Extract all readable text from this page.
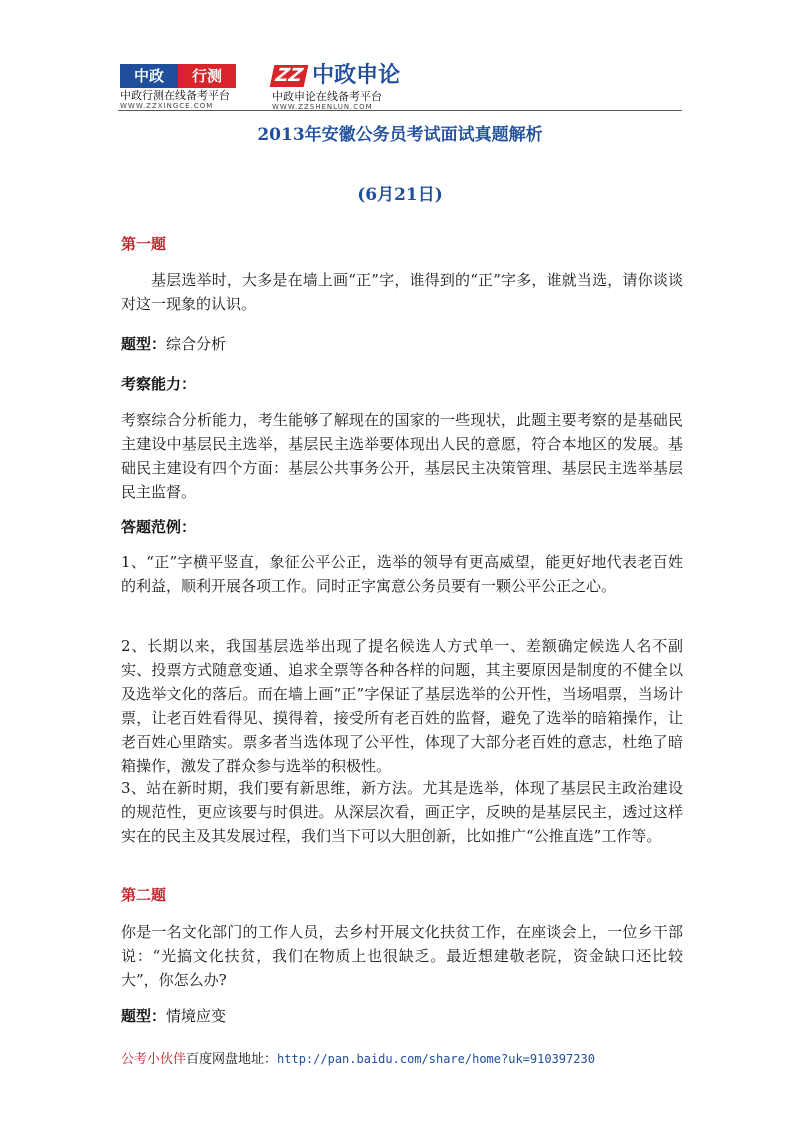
中政	行测
中政行测在线备考平台
WWW.ZZXINGCE.COM
ZZ 中政申论
中政申论在线备考平台
WWW.ZZSHENLUN.COM
2013年安徽公务员考试面试真题解析
(6月21日)
第一题
基层选举时，大多是在墙上画“正”字，谁得到的“正”字多，谁就当选，请你谈谈对这一现象的认识。
题型：综合分析
考察能力：
考察综合分析能力，考生能够了解现在的国家的一些现状，此题主要考察的是基础民主建设中基层民主选举，基层民主选举要体现出人民的意愿，符合本地区的发展。基础民主建设有四个方面：基层公共事务公开，基层民主决策管理、基层民主选举基层民主监督。
答题范例：
1、“正”字横平竖直，象征公平公正，选举的领导有更高威望，能更好地代表老百姓的利益，顺利开展各项工作。同时正字寓意公务员要有一颗公平公正之心。
2、长期以来，我国基层选举出现了提名候选人方式单一、差额确定候选人名不副实、投票方式随意变通、追求全票等各种各样的问题，其主要原因是制度的不健全以及选举文化的落后。而在墙上画“正”字保证了基层选举的公开性，当场唱票，当场计票，让老百姓看得见、摸得着，接受所有老百姓的监督，避免了选举的暗箱操作，让老百姓心里踏实。票多者当选体现了公平性，体现了大部分老百姓的意志，杜绝了暗箱操作，激发了群众参与选举的积极性。
3、站在新时期，我们要有新思维，新方法。尤其是选举，体现了基层民主政治建设的规范性，更应该要与时俱进。从深层次看，画正字，反映的是基层民主，透过这样实在的民主及其发展过程，我们当下可以大胆创新，比如推广“公推直选”工作等。
第二题
你是一名文化部门的工作人员，去乡村开展文化扶贫工作，在座谈会上，一位乡干部说：“光搞文化扶贫，我们在物质上也很缺乏。最近想建敬老院，资金缺口还比较大”，你怎么办?
题型：情境应变
公考小伙伴百度网盘地址：http://pan.baidu.com/share/home?uk=910397230
